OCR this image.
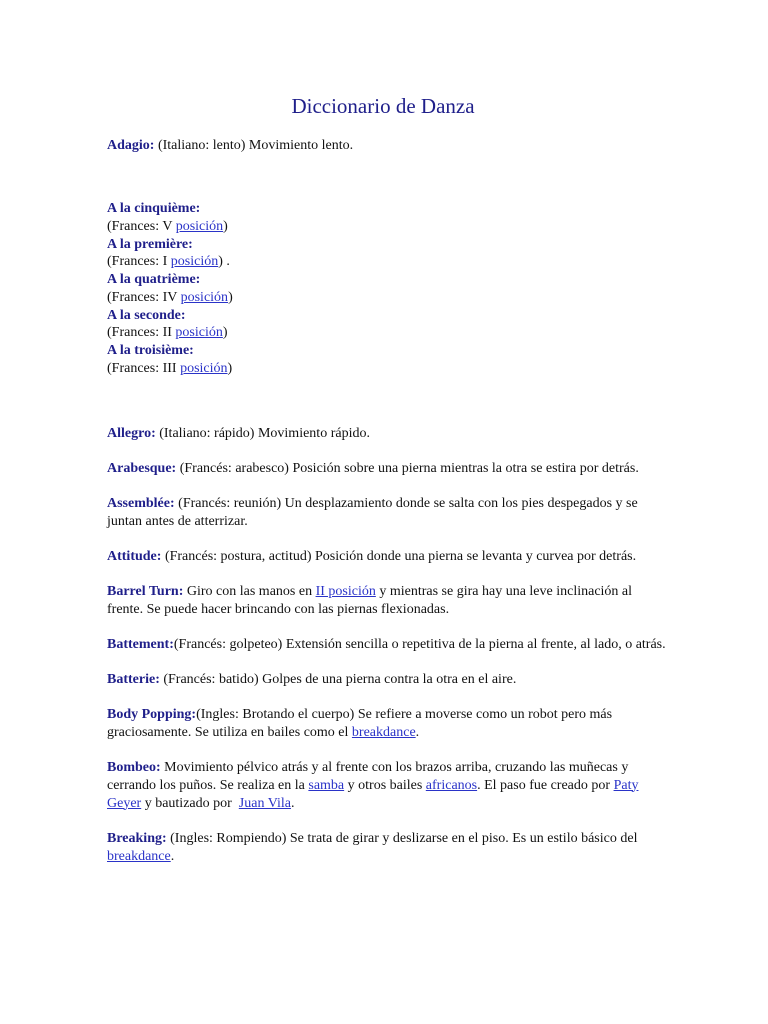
Diccionario de Danza

Adagio: (Italiano: lento) Movimiento lento.

A la cinquième:
(Frances: V posición)
A la première:
(Frances: I posición) .
A la quatrième:
(Frances: IV posición)
A la seconde:
(Frances: II posición)
A la troisième:
(Frances: III posición)

Allegro: (Italiano: rápido) Movimiento rápido.

Arabesque: (Francés: arabesco) Posición sobre una pierna mientras la otra se estira por detrás.

Assemblée: (Francés: reunión) Un desplazamiento donde se salta con los pies despegados y se juntan antes de atterrizar.

Attitude: (Francés: postura, actitud) Posición donde una pierna se levanta y curvea por detrás.

Barrel Turn: Giro con las manos en II posición y mientras se gira hay una leve inclinación al frente. Se puede hacer brincando con las piernas flexionadas.

Battement:(Francés: golpeteo) Extensión sencilla o repetitiva de la pierna al frente, al lado, o atrás.

Batterie: (Francés: batido) Golpes de una pierna contra la otra en el aire.

Body Popping:(Ingles: Brotando el cuerpo) Se refiere a moverse como un robot pero más graciosamente. Se utiliza en bailes como el breakdance.

Bombeo: Movimiento pélvico atrás y al frente con los brazos arriba, cruzando las muñecas y cerrando los puños. Se realiza en la samba y otros bailes africanos. El paso fue creado por Paty Geyer y bautizado por  Juan Vila.

Breaking: (Ingles: Rompiendo) Se trata de girar y deslizarse en el piso. Es un estilo básico del breakdance.
